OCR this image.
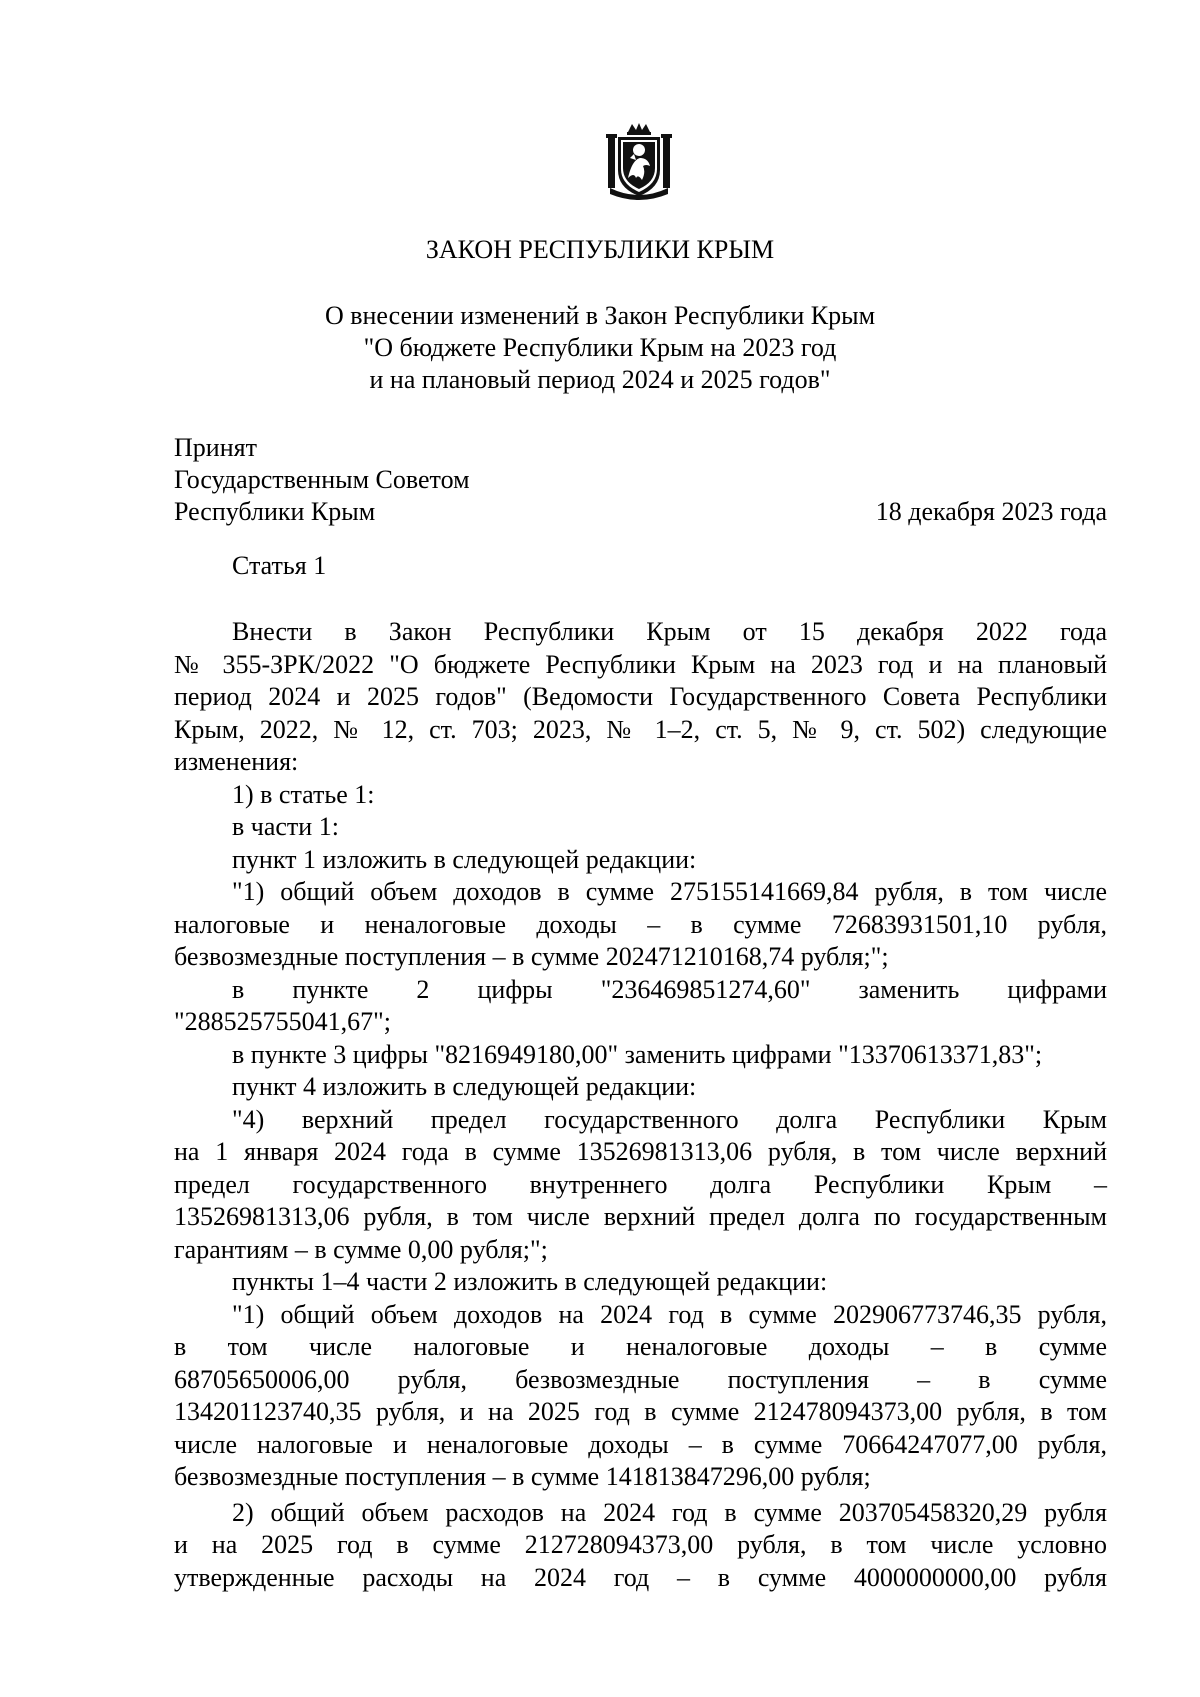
ЗАКОН РЕСПУБЛИКИ КРЫМ
О внесении изменений в Закон Республики Крым
"О бюджете Республики Крым на 2023 год
и на плановый период 2024 и 2025 годов"
Принят
Государственным Советом
Республики Крым	18 декабря 2023 года
Статья 1
Внести в Закон Республики Крым от 15 декабря 2022 года
№ 355-ЗРК/2022 "О бюджете Республики Крым на 2023 год и на плановый
период 2024 и 2025 годов" (Ведомости Государственного Совета Республики
Крым, 2022, № 12, ст. 703; 2023, № 1–2, ст. 5, № 9, ст. 502) следующие
изменения:
1) в статье 1:
в части 1:
пункт 1 изложить в следующей редакции:
"1) общий объем доходов в сумме 275155141669,84 рубля, в том числе
налоговые и неналоговые доходы – в сумме 72683931501,10 рубля,
безвозмездные поступления – в сумме 202471210168,74 рубля;";
в пункте 2 цифры "236469851274,60" заменить цифрами
"288525755041,67";
в пункте 3 цифры "8216949180,00" заменить цифрами "13370613371,83";
пункт 4 изложить в следующей редакции:
"4) верхний предел государственного долга Республики Крым
на 1 января 2024 года в сумме 13526981313,06 рубля, в том числе верхний
предел государственного внутреннего долга Республики Крым –
13526981313,06 рубля, в том числе верхний предел долга по государственным
гарантиям – в сумме 0,00 рубля;";
пункты 1–4 части 2 изложить в следующей редакции:
"1) общий объем доходов на 2024 год в сумме 202906773746,35 рубля,
в том числе налоговые и неналоговые доходы – в сумме
68705650006,00 рубля, безвозмездные поступления – в сумме
134201123740,35 рубля, и на 2025 год в сумме 212478094373,00 рубля, в том
числе налоговые и неналоговые доходы – в сумме 70664247077,00 рубля,
безвозмездные поступления – в сумме 141813847296,00 рубля;
2) общий объем расходов на 2024 год в сумме 203705458320,29 рубля
и на 2025 год в сумме 212728094373,00 рубля, в том числе условно
утвержденные расходы на 2024 год – в сумме 4000000000,00 рубля
